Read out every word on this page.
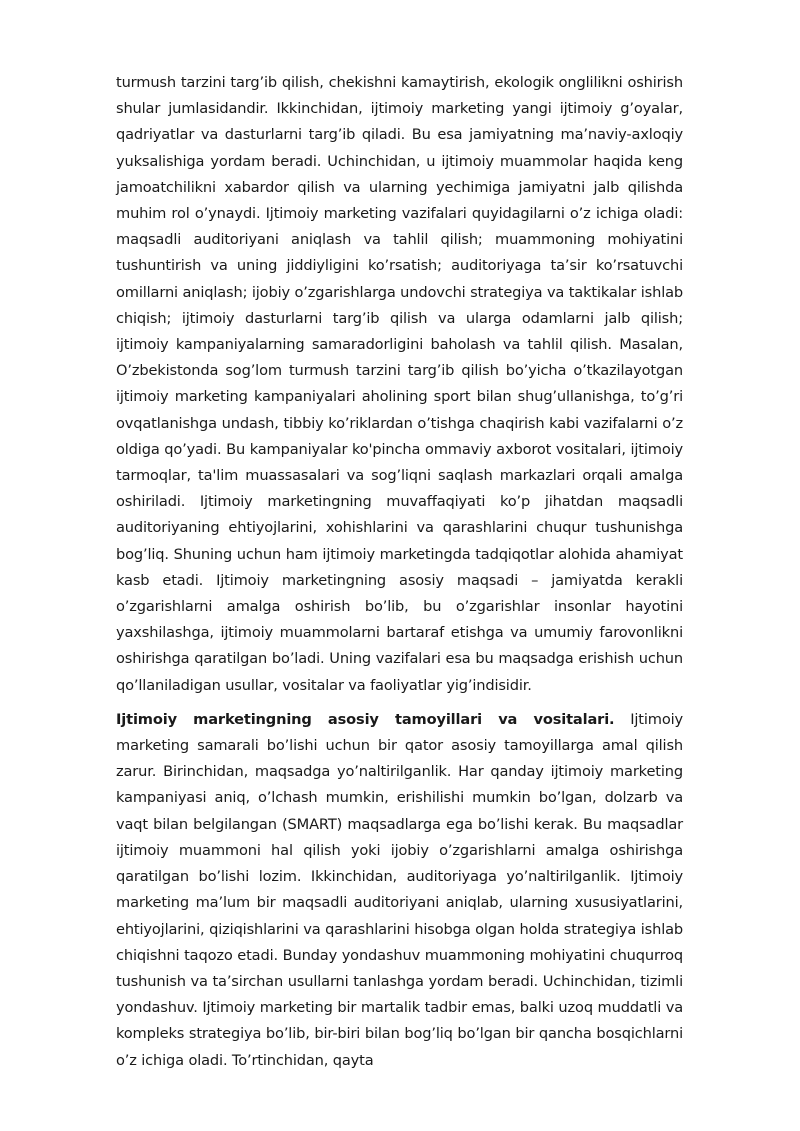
turmush tarzini targ’ib qilish, chekishni kamaytirish, ekologik onglilikni oshirish shular jumlasidandir. Ikkinchidan, ijtimoiy marketing yangi ijtimoiy g’oyalar, qadriyatlar va dasturlarni targ’ib qiladi. Bu esa jamiyatning ma’naviy-axloqiy yuksalishiga yordam beradi. Uchinchidan, u ijtimoiy muammolar haqida keng jamoatchilikni xabardor qilish va ularning yechimiga jamiyatni jalb qilishda muhim rol o’ynaydi. Ijtimoiy marketing vazifalari quyidagilarni o’z ichiga oladi: maqsadli auditoriyani aniqlash va tahlil qilish; muammoning mohiyatini tushuntirish va uning jiddiyligini ko’rsatish; auditoriyaga ta’sir ko’rsatuvchi omillarni aniqlash; ijobiy o’zgarishlarga undovchi strategiya va taktikalar ishlab chiqish; ijtimoiy dasturlarni targ’ib qilish va ularga odamlarni jalb qilish; ijtimoiy kampaniyalarning samaradorligini baholash va tahlil qilish. Masalan, O’zbekistonda sog’lom turmush tarzini targ’ib qilish bo’yicha o’tkazilayotgan ijtimoiy marketing kampaniyalari aholining sport bilan shug’ullanishga, to’g’ri ovqatlanishga undash, tibbiy ko’riklardan o’tishga chaqirish kabi vazifalarni o’z oldiga qo’yadi. Bu kampaniyalar ko'pincha ommaviy axborot vositalari, ijtimoiy tarmoqlar, ta'lim muassasalari va sog’liqni saqlash markazlari orqali amalga oshiriladi. Ijtimoiy marketingning muvaffaqiyati ko’p jihatdan maqsadli auditoriyaning ehtiyojlarini, xohishlarini va qarashlarini chuqur tushunishga bog’liq. Shuning uchun ham ijtimoiy marketingda tadqiqotlar alohida ahamiyat kasb etadi. Ijtimoiy marketingning asosiy maqsadi – jamiyatda kerakli o’zgarishlarni amalga oshirish bo’lib, bu o’zgarishlar insonlar hayotini yaxshilashga, ijtimoiy muammolarni bartaraf etishga va umumiy farovonlikni oshirishga qaratilgan bo’ladi. Uning vazifalari esa bu maqsadga erishish uchun qo’llaniladigan usullar, vositalar va faoliyatlar yig’indisidir.

Ijtimoiy marketingning asosiy tamoyillari va vositalari. Ijtimoiy marketing samarali bo’lishi uchun bir qator asosiy tamoyillarga amal qilish zarur. Birinchidan, maqsadga yo’naltirilganlik. Har qanday ijtimoiy marketing kampaniyasi aniq, o’lchash mumkin, erishilishi mumkin bo’lgan, dolzarb va vaqt bilan belgilangan (SMART) maqsadlarga ega bo’lishi kerak. Bu maqsadlar ijtimoiy muammoni hal qilish yoki ijobiy o’zgarishlarni amalga oshirishga qaratilgan bo’lishi lozim. Ikkinchidan, auditoriyaga yo’naltirilganlik. Ijtimoiy marketing ma’lum bir maqsadli auditoriyani aniqlab, ularning xususiyatlarini, ehtiyojlarini, qiziqishlarini va qarashlarini hisobga olgan holda strategiya ishlab chiqishni taqozo etadi. Bunday yondashuv muammoning mohiyatini chuqurroq tushunish va ta’sirchan usullarni tanlashga yordam beradi. Uchinchidan, tizimli yondashuv. Ijtimoiy marketing bir martalik tadbir emas, balki uzoq muddatli va kompleks strategiya bo’lib, bir-biri bilan bog’liq bo’lgan bir qancha bosqichlarni o’z ichiga oladi. To’rtinchidan, qayta
